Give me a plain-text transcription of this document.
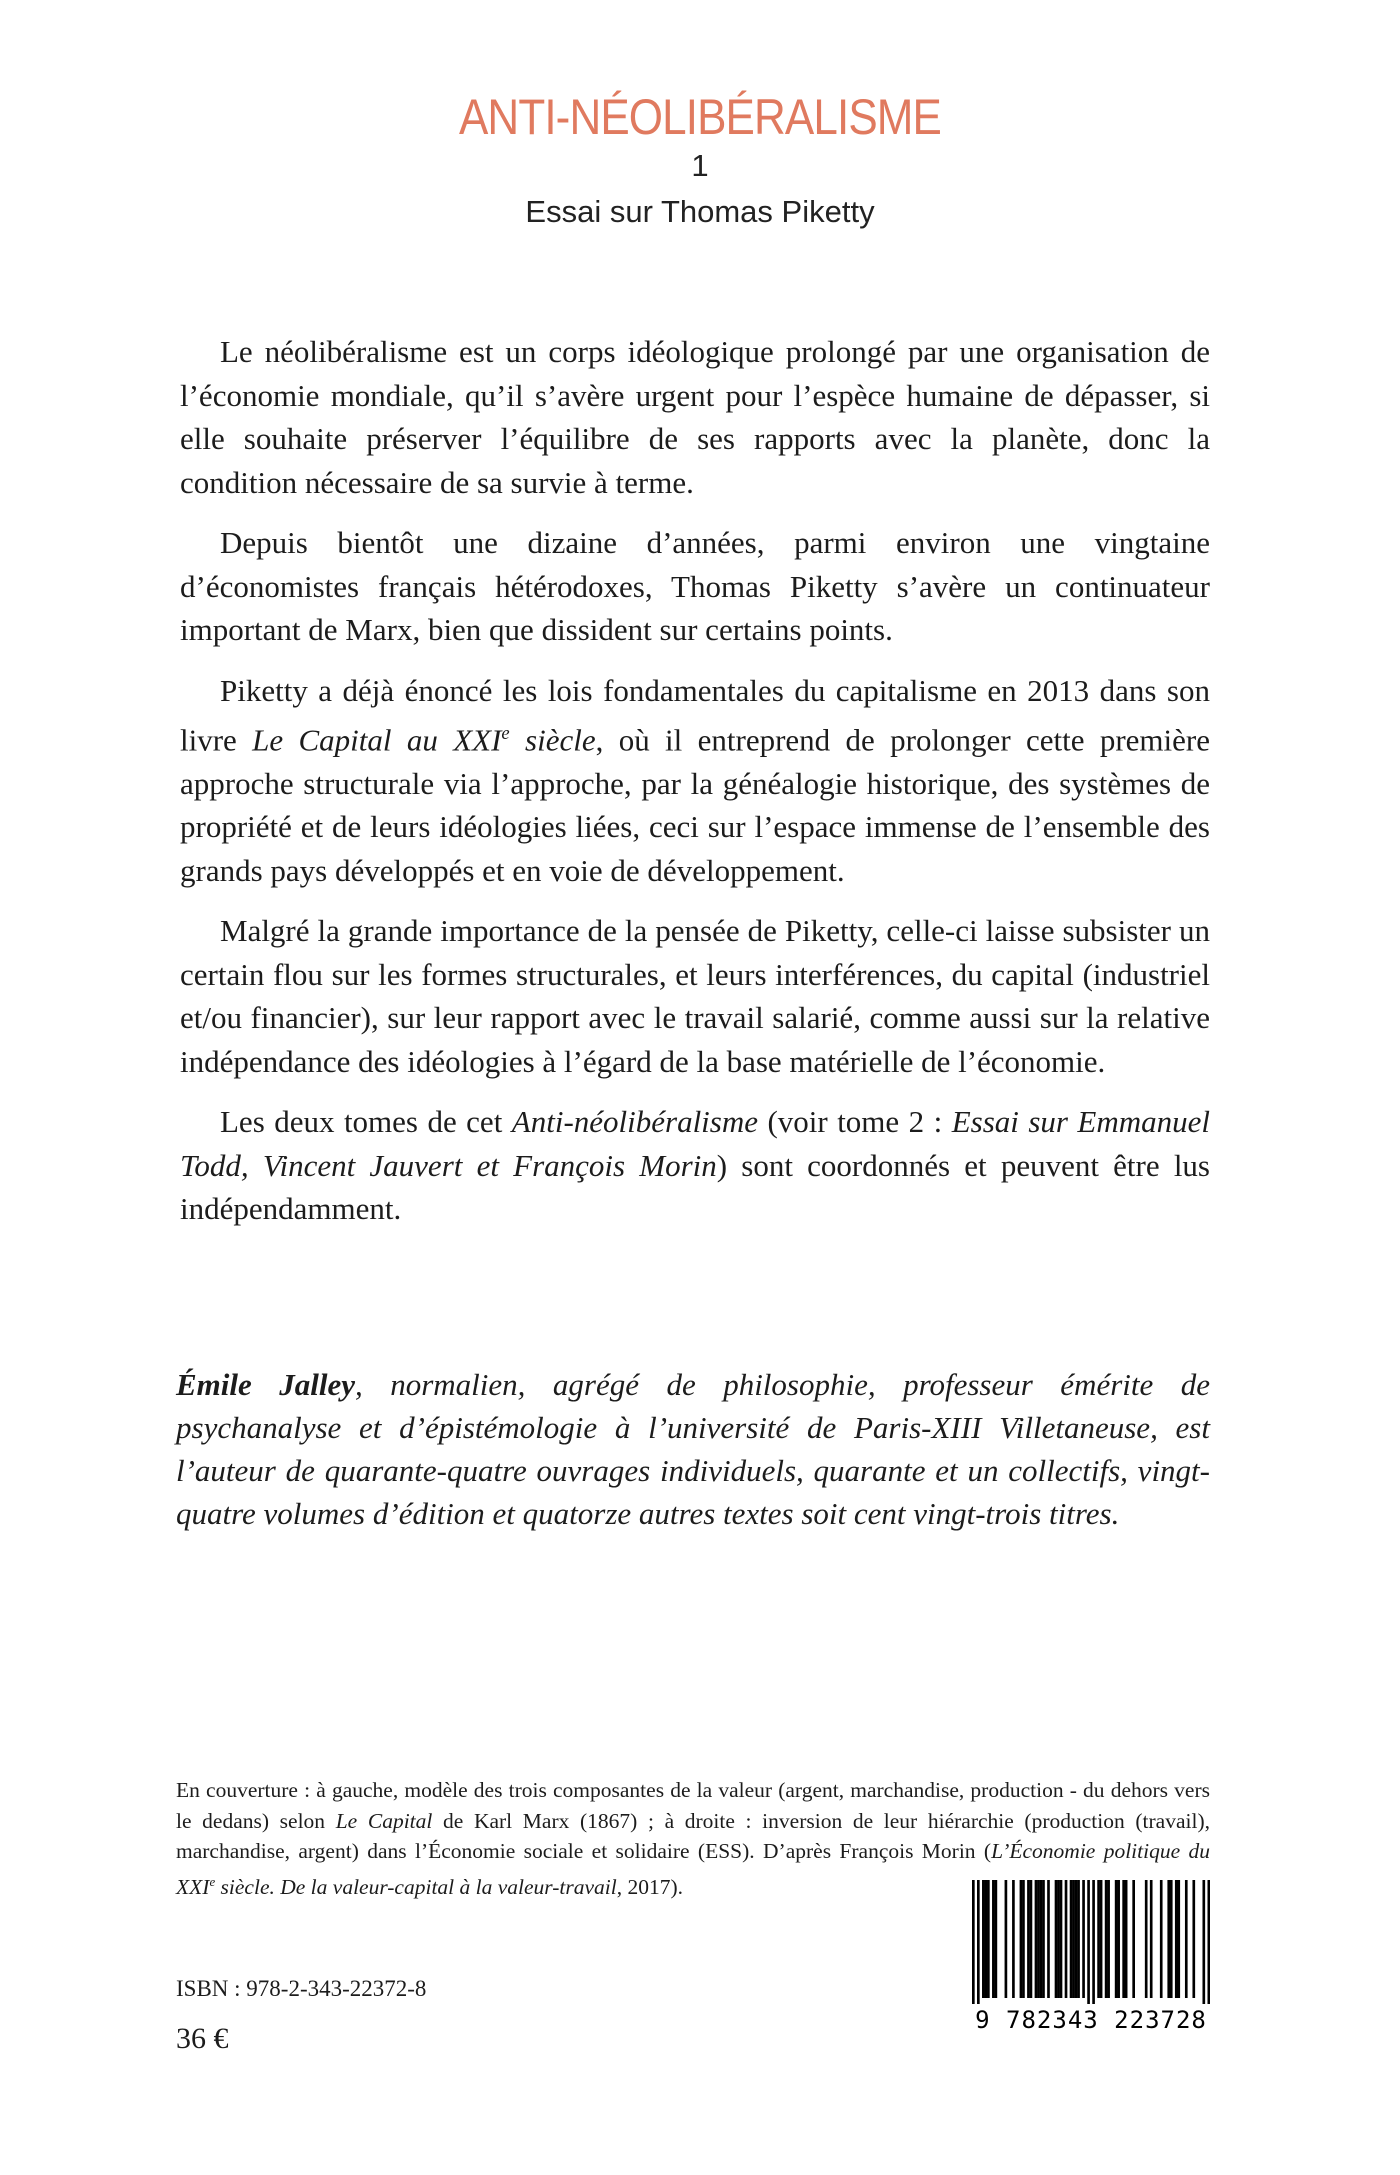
ANTI-NÉOLIBÉRALISME
1
Essai sur Thomas Piketty

Le néolibéralisme est un corps idéologique prolongé par une organisation de l’économie mondiale, qu’il s’avère urgent pour l’espèce humaine de dépasser, si elle souhaite préserver l’équilibre de ses rapports avec la planète, donc la condition nécessaire de sa survie à terme.

Depuis bientôt une dizaine d’années, parmi environ une vingtaine d’économistes français hétérodoxes, Thomas Piketty s’avère un continuateur important de Marx, bien que dissident sur certains points.

Piketty a déjà énoncé les lois fondamentales du capitalisme en 2013 dans son livre Le Capital au XXIe siècle, où il entreprend de prolonger cette première approche structurale via l’approche, par la généalogie historique, des systèmes de propriété et de leurs idéologies liées, ceci sur l’espace immense de l’ensemble des grands pays développés et en voie de développement.

Malgré la grande importance de la pensée de Piketty, celle-ci laisse subsister un certain flou sur les formes structurales, et leurs interférences, du capital (industriel et/ou financier), sur leur rapport avec le travail salarié, comme aussi sur la relative indépendance des idéologies à l’égard de la base matérielle de l’économie.

Les deux tomes de cet Anti-néolibéralisme (voir tome 2 : Essai sur Emmanuel Todd, Vincent Jauvert et François Morin) sont coordonnés et peuvent être lus indépendamment.

Émile Jalley, normalien, agrégé de philosophie, professeur émérite de psychanalyse et d’épistémologie à l’université de Paris-XIII Villetaneuse, est l’auteur de quarante-quatre ouvrages individuels, quarante et un collectifs, vingt-quatre volumes d’édition et quatorze autres textes soit cent vingt-trois titres.

En couverture : à gauche, modèle des trois composantes de la valeur (argent, marchandise, production - du dehors vers le dedans) selon Le Capital de Karl Marx (1867) ; à droite : inversion de leur hiérarchie (production (travail), marchandise, argent) dans l’Économie sociale et solidaire (ESS). D’après François Morin (L’Économie politique du XXIe siècle. De la valeur-capital à la valeur-travail, 2017).

ISBN : 978-2-343-22372-8
36 €
9 782343 223728
